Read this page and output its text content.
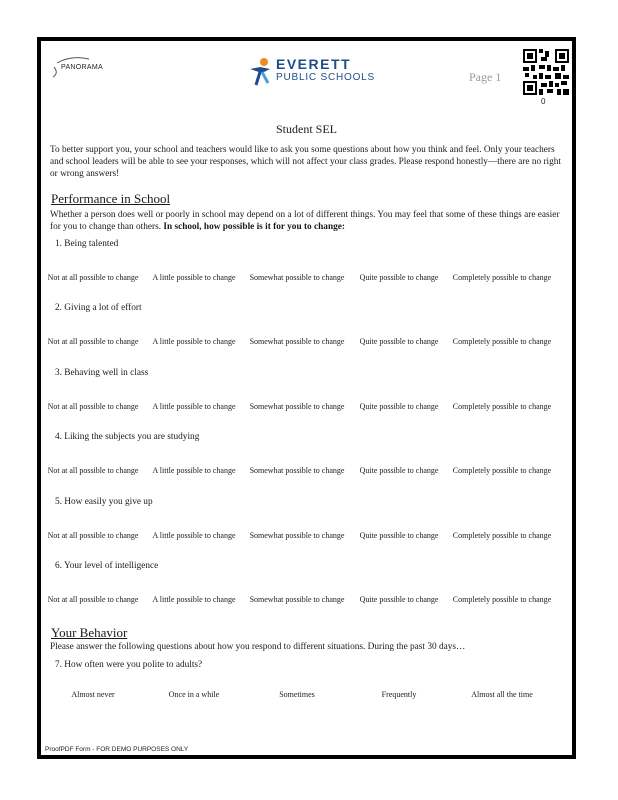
PANORAMA	EVERETT
PUBLIC SCHOOLS	Page 1
0
Student SEL
To better support you, your school and teachers would like to ask you some questions about how you think and feel. Only your teachers and school leaders will be able to see your responses, which will not affect your class grades. Please respond honestly—there are no right or wrong answers!
Performance in School
Whether a person does well or poorly in school may depend on a lot of different things. You may feel that some of these things are easier for you to change than others. In school, how possible is it for you to change:
1. Being talented
Not at all possible to change	A little possible to change	Somewhat possible to change	Quite possible to change	Completely possible to change
2. Giving a lot of effort
Not at all possible to change	A little possible to change	Somewhat possible to change	Quite possible to change	Completely possible to change
3. Behaving well in class
Not at all possible to change	A little possible to change	Somewhat possible to change	Quite possible to change	Completely possible to change
4. Liking the subjects you are studying
Not at all possible to change	A little possible to change	Somewhat possible to change	Quite possible to change	Completely possible to change
5. How easily you give up
Not at all possible to change	A little possible to change	Somewhat possible to change	Quite possible to change	Completely possible to change
6. Your level of intelligence
Not at all possible to change	A little possible to change	Somewhat possible to change	Quite possible to change	Completely possible to change
Your Behavior
Please answer the following questions about how you respond to different situations. During the past 30 days…
7. How often were you polite to adults?
Almost never	Once in a while	Sometimes	Frequently	Almost all the time
ProofPDF Form - FOR DEMO PURPOSES ONLY
